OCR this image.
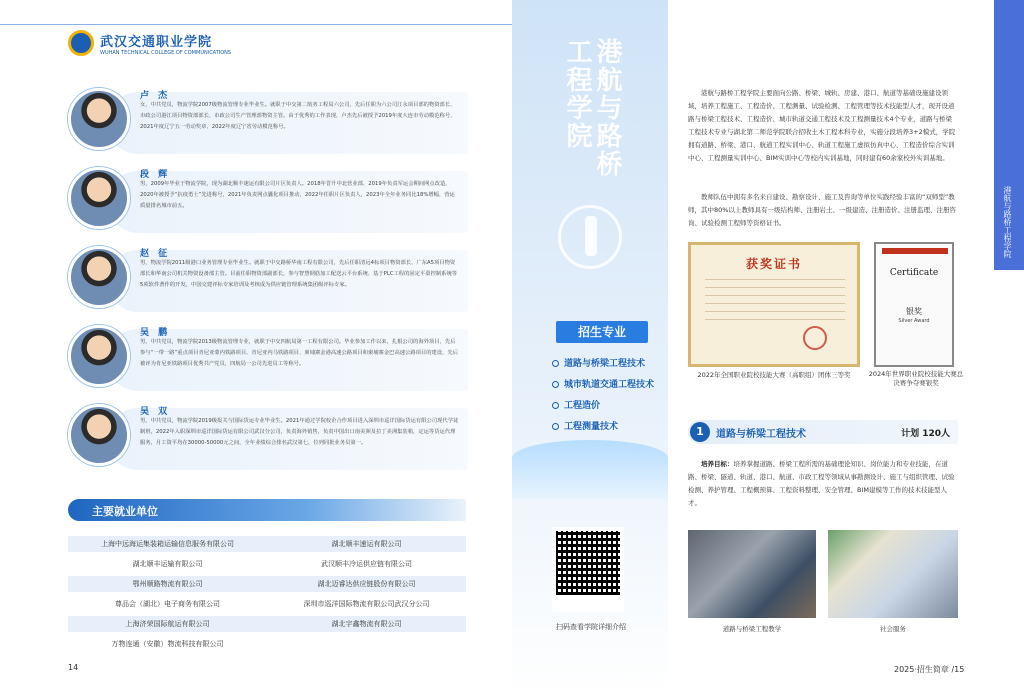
武汉交通职业学院
WUHAN TECHNICAL COLLEGE OF COMMUNICATIONS
卢 杰
女，中共党员，物流学院2007级物流管理专业毕业生。就职于中交第二航务工程局六公司，先后任职为六公司江永项目部的物资部长、市政公司港江项目物资部部长、市政公司生产管理部物资主管。由于优秀的工作表现，卢杰先后被授予2019年度大连市劳动模范称号、2021年度辽宁五一劳动奖章、2022年度辽宁省劳动模范称号。
段 辉
男，2009年毕业于物流学院，现为湖北顺丰速运有限公司片区负责人。2018年晋升中北营业部，2019年负责军运会期间网点改造，2020年被授予“抗疫勇士”先进称号，2021年负责网点囊化项目推动，2022年任职片区负责人，2023年全年业务同比18%增幅，营运质量排名城市前五。
赵 征
男，物流学院2011级港口业务管理专业毕业生。就职于中交路桥华南工程有限公司，先后任职清远4标项目物资部长、广东A5项目物资部长和华南公司机关物资设备部主管。目前任职物资部副部长，参与智慧钢筋加工配送云平台系统、基于PLC工程的固定平臺控制系统等5项软件著作的开发，中国交建评标专家培训及考核成为供应链管理系统集团级评标专家。
吴 鹏
男，中共党员，物流学院2013级物流管理专业，就职于中交四航局第一工程有限公司。毕业参加工作以来，扎根公司的海外项目，先后参与“一带一路”重点项目肯尼亚蒙内铁路项目、肯尼亚内马铁路项目、柬埔寨金港高速公路项目和柬埔寨金巴高速公路项目的建设，先后被评为肯尼亚铁路项目优秀共产党员，四航局一公司先进员工等称号。
吴 双
男，中共党员，物流学院2019级报关与国际货运专业毕业生。2021年通过学院校企合作项目进入深圳市巡洋国际货运有限公司现代学徒制班，2022年入职深圳市巡洋国际货运有限公司武汉分公司，负责海外销售，负责中国出口南美洲及拉丁美洲集装箱，定运等货运代理服务，月工资平均在30000-50000元之间，全年业绩综合排名武汉第七，位列同批业务员第一。
主要就业单位
上海中远海运集装箱运输信息服务有限公司	湖北顺丰速运有限公司
湖北顺丰运输有限公司	武汉顺丰冷运供应链有限公司
鄂州顺路物流有限公司	湖北迈睿达供应链股份有限公司
尊品会（湖北）电子商务有限公司	深圳市巡洋国际物流有限公司武汉分公司
上海济荣国际航运有限公司	湖北宇鑫物流有限公司
万物连通（安徽）物流科技有限公司
14
港航与路桥
工程学院
招生专业
道路与桥梁工程技术
城市轨道交通工程技术
工程造价
工程测量技术
扫码查看学院详细介绍
港航与路桥工程学院
港航与路桥工程学院主要面向公路、桥梁、城轨、房建、港口、航道等基础设施建设领域，培养工程施工、工程造价、工程测量、试验检测、工程管理等技术技能型人才，现开设道路与桥梁工程技术、工程造价、城市轨道交通工程技术及工程测量技术4个专业，道路与桥梁工程技术专业与湖北第二师范学院联合招收土木工程本科专业，实施分段培养3+2模式，学院拥有道路、桥梁、港口、航道工程实训中心、轨道工程施工虚拟仿真中心、工程造价综合实训中心、工程测量实训中心、BIM实训中心等校内实训基地，同时建有60余家校外实训基地。
教师队伍中拥有多名来自建设、勘察设计、施工及咨询等单位实践经验丰富的“双师型”教师，其中80%以上教师具有一级结构师、注册岩土、一级建造、注册造价、注册监理、注册咨询、试验检测工程师等资格证书。
获奖证书
Certificate
银奖
Silver Award
2022年全国职业院校技能大赛（高职组）团体三等奖	2024年世界职业院校技能大赛总决赛争夺赛银奖
1	道路与桥梁工程技术	计划 120人
培养目标：培养掌握道路、桥梁工程所需的基础理论知识、岗位能力和专业技能，在道路、桥梁、隧道、轨道、港口、航道、市政工程等领域从事勘测设计、施工与组织管理、试验检测、养护管理、工程概预算、工程资料整理、安全管理、BIM建模等工作的技术技能型人才。
道路与桥梁工程教学	社会服务
2025·招生简章 /15
